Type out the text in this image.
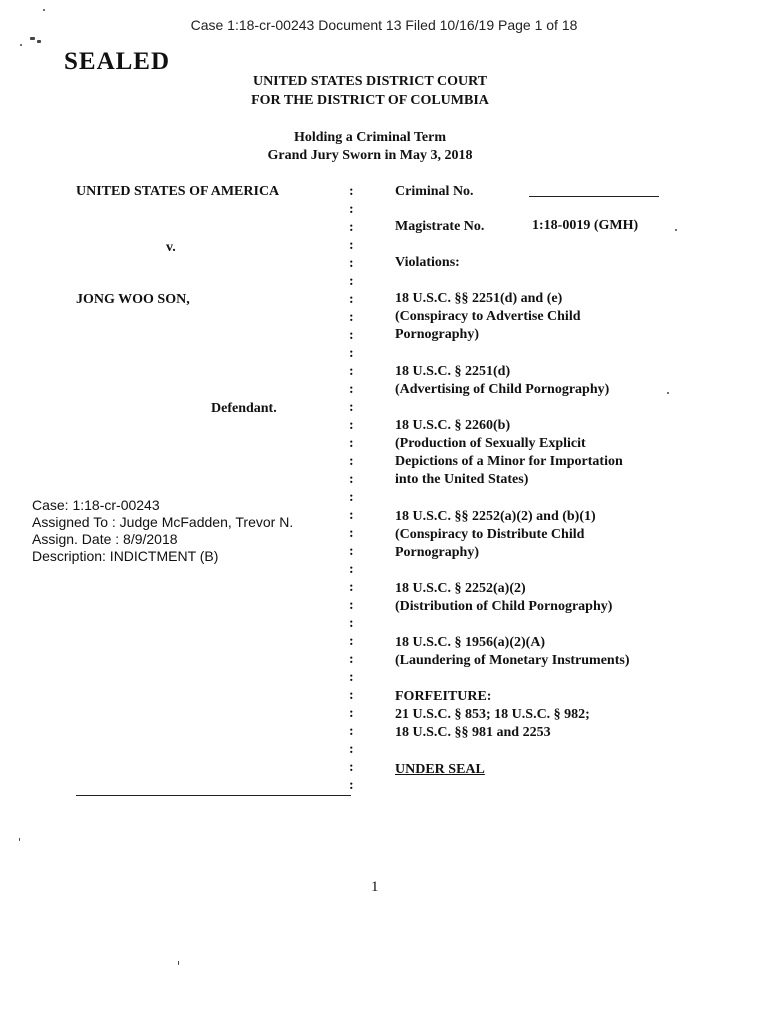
Case 1:18-cr-00243 Document 13 Filed 10/16/19 Page 1 of 18
SEALED
UNITED STATES DISTRICT COURT
FOR THE DISTRICT OF COLUMBIA
Holding a Criminal Term
Grand Jury Sworn in May 3, 2018
UNITED STATES OF AMERICA
v.
JONG WOO SON,
Defendant.
Case: 1:18-cr-00243
Assigned To : Judge McFadden, Trevor N.
Assign. Date : 8/9/2018
Description: INDICTMENT (B)
:
:
:
:
:
:
:
:
:
:
:
:
:
:
:
:
:
:
:
:
:
:
:
:
:
:
:
:
:
:
:
:
:
:
Criminal No.
Magistrate No.	1:18-0019 (GMH)
Violations:
18 U.S.C. §§ 2251(d) and (e)
(Conspiracy to Advertise Child
Pornography)
18 U.S.C. § 2251(d)
(Advertising of Child Pornography)
18 U.S.C. § 2260(b)
(Production of Sexually Explicit
Depictions of a Minor for Importation
into the United States)
18 U.S.C. §§ 2252(a)(2) and (b)(1)
(Conspiracy to Distribute Child
Pornography)
18 U.S.C. § 2252(a)(2)
(Distribution of Child Pornography)
18 U.S.C. § 1956(a)(2)(A)
(Laundering of Monetary Instruments)
FORFEITURE:
21 U.S.C. § 853; 18 U.S.C. § 982;
18 U.S.C. §§ 981 and 2253
UNDER SEAL
1
